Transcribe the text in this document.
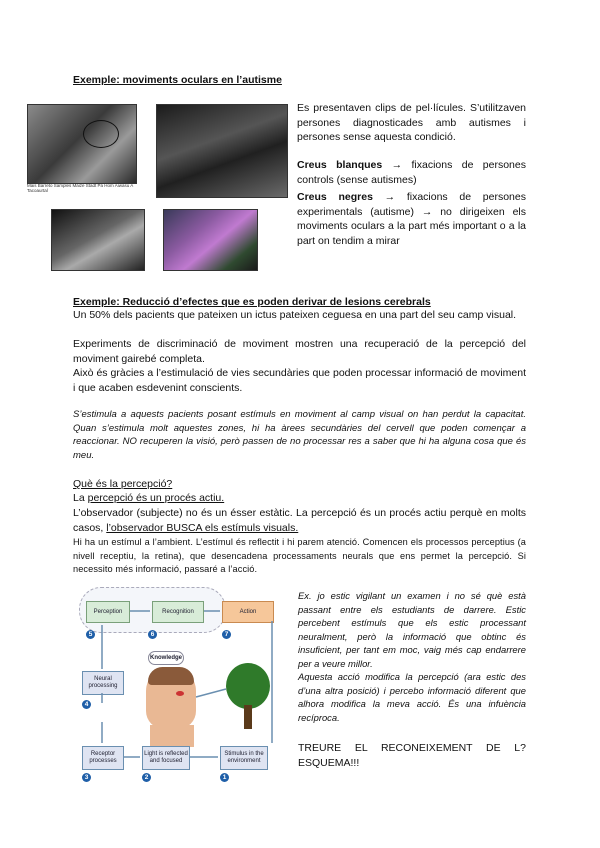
Exemple: moviments oculars en l’autisme
Mais Barreto Samples Maize Stadt Pa Hom Aiwasu A Tacoaurtal
Es presentaven clips de pel·lícules. S’utilitzaven persones diagnosticades amb autismes i persones sense aquesta condició.
Creus blanques → fixacions de persones controls (sense autismes)
Creus negres → fixacions de persones experimentals (autisme) → no dirigeixen els moviments oculars a la part més important o a la part on tendim a mirar
Exemple: Reducció d’efectes que es poden derivar de lesions cerebrals
Un 50% dels pacients que pateixen un ictus pateixen ceguesa en una part del seu camp visual.
Experiments de discriminació de moviment mostren una recuperació de la percepció del moviment gairebé completa.
Això és gràcies a l’estimulació de vies secundàries que poden processar informació de moviment i que acaben esdevenint conscients.
S’estimula a aquests pacients posant estímuls en moviment al camp visual on han perdut la capacitat. Quan s’estimula molt aquestes zones, hi ha àrees secundàries del cervell que poden començar a reaccionar. NO recuperen la visió, però passen de no processar res a saber que hi ha alguna cosa que és meu.
Què és la percepció?
La percepció és un procés actiu.
L’observador (subjecte) no és un ésser estàtic. La percepció és un procés actiu perquè en molts casos, l’observador BUSCA els estímuls visuals.
Hi ha un estímul a l’ambient. L’estímul és reflectit i hi parem atenció. Comencen els processos perceptius (a nivell receptiu, la retina), que desencadena processaments neurals que ens permet la percepció. Si necessito més informació, passaré a l’acció.
Perception	Recognition	Action
5	6	7
Neural processing
4
Knowledge
Receptor processes
Light is reflected and focused
Stimulus in the environment
3	2	1
Ex. jo estic vigilant un examen i no sé què està passant entre els estudiants de darrere. Estic percebent estímuls que els estic processant neuralment, però la informació que obtinc és insuficient, per tant em moc, vaig més cap endarrere per a veure millor.
Aquesta acció modifica la percepció (ara estic des d’una altra posició) i percebo informació diferent que alhora modifica la meva acció. És una infuència recíproca.
TREURE EL RECONEIXEMENT DE L?ESQUEMA!!!
